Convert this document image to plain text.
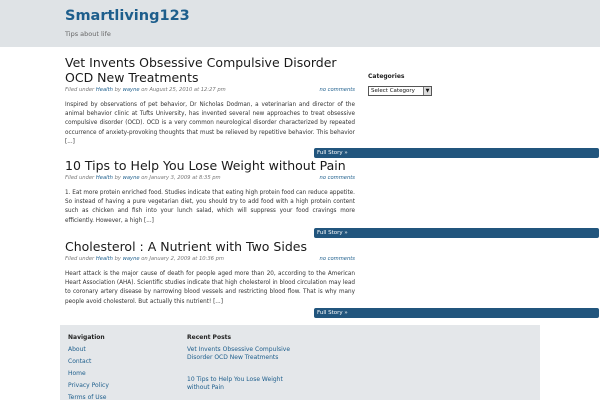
Smartliving123
Tips about life
Vet Invents Obsessive Compulsive Disorder OCD New Treatments
Filed under Health by wayne on August 25, 2010 at 12:27 pm	no comments
Inspired by observations of pet behavior, Dr Nicholas Dodman, a veterinarian and director of the animal behavior clinic at Tufts University, has invented several new approaches to treat obsessive compulsive disorder (OCD). OCD is a very common neurological disorder characterized by repeated occurrence of anxiety-provoking thoughts that must be relieved by repetitive behavior. This behavior [...]
Full Story »
10 Tips to Help You Lose Weight without Pain
Filed under Health by wayne on January 3, 2009 at 8:35 pm	no comments
1. Eat more protein enriched food. Studies indicate that eating high protein food can reduce appetite. So instead of having a pure vegetarian diet, you should try to add food with a high protein content such as chicken and fish into your lunch salad, which will suppress your food cravings more efficiently. However, a high [...]
Full Story »
Cholesterol : A Nutrient with Two Sides
Filed under Health by wayne on January 2, 2009 at 10:36 pm	no comments
Heart attack is the major cause of death for people aged more than 20, according to the American Heart Association (AHA). Scientific studies indicate that high cholesterol in blood circulation may lead to coronary artery disease by narrowing blood vessels and restricting blood flow. That is why many people avoid cholesterol. But actually this nutrient! [...]
Full Story »
Categories
Select Category	▼
Navigation
About
Contact
Home
Privacy Policy
Terms of Use
Recent Posts
Vet Invents Obsessive Compulsive Disorder OCD New Treatments
10 Tips to Help You Lose Weight without Pain
